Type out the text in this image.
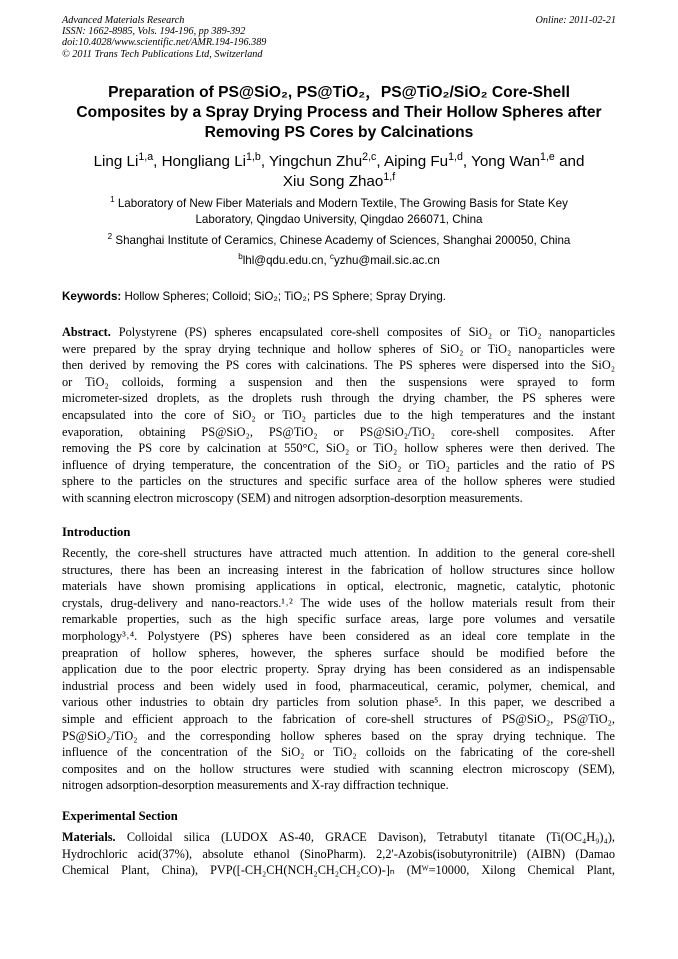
Advanced Materials Research
ISSN: 1662-8985, Vols. 194-196, pp 389-392
doi:10.4028/www.scientific.net/AMR.194-196.389
© 2011 Trans Tech Publications Ltd, Switzerland
Online: 2011-02-21
Preparation of PS@SiO₂, PS@TiO₂，PS@TiO₂/SiO₂ Core-Shell
Composites by a Spray Drying Process and Their Hollow Spheres after
Removing PS Cores by Calcinations
Ling Li$^{1,a}$, Hongliang Li$^{1,b}$, Yingchun Zhu$^{2,c}$, Aiping Fu$^{1,d}$, Yong Wan$^{1,e}$ and
Xiu Song Zhao$^{1,f}$
$^1$ Laboratory of New Fiber Materials and Modern Textile, The Growing Basis for State Key
Laboratory, Qingdao University, Qingdao 266071, China
$^2$ Shanghai Institute of Ceramics, Chinese Academy of Sciences, Shanghai 200050, China
$^b$lhl@qdu.edu.cn, $^c$yzhu@mail.sic.ac.cn
Keywords: Hollow Spheres; Colloid; SiO₂; TiO₂; PS Sphere; Spray Drying.
Abstract. Polystyrene (PS) spheres encapsulated core-shell composites of SiO₂ or TiO₂ nanoparticles
were prepared by the spray drying technique and hollow spheres of SiO₂ or TiO₂ nanoparticles were
then derived by removing the PS cores with calcinations. The PS spheres were dispersed into the SiO₂
or TiO₂ colloids, forming a suspension and then the suspensions were sprayed to form
micrometer-sized droplets, as the droplets rush through the drying chamber, the PS spheres were
encapsulated into the core of SiO₂ or TiO₂ particles due to the high temperatures and the instant
evaporation, obtaining PS@SiO₂, PS@TiO₂ or PS@SiO₂/TiO₂ core-shell composites. After
removing the PS core by calcination at 550°C, SiO₂ or TiO₂ hollow spheres were then derived. The
influence of drying temperature, the concentration of the SiO₂ or TiO₂ particles and the ratio of PS
sphere to the particles on the structures and specific surface area of the hollow spheres were studied
with scanning electron microscopy (SEM) and nitrogen adsorption-desorption measurements.
Introduction
Recently, the core-shell structures have attracted much attention. In addition to the general core-shell
structures, there has been an increasing interest in the fabrication of hollow structures since hollow
materials have shown promising applications in optical, electronic, magnetic, catalytic, photonic
crystals, drug-delivery and nano-reactors.¹˒² The wide uses of the hollow materials result from their
remarkable properties, such as the high specific surface areas, large pore volumes and versatile
morphology³˒⁴. Polystyere (PS) spheres have been considered as an ideal core template in the
preapration of hollow spheres, however, the spheres surface should be modified before the
application due to the poor electric property. Spray drying has been considered as an indispensable
industrial process and been widely used in food, pharmaceutical, ceramic, polymer, chemical, and
various other industries to obtain dry particles from solution phase⁵. In this paper, we described a
simple and efficient approach to the fabrication of core-shell structures of PS@SiO₂, PS@TiO₂,
PS@SiO₂/TiO₂ and the corresponding hollow spheres based on the spray drying technique. The
influence of the concentration of the SiO₂ or TiO₂ colloids on the fabricating of the core-shell
composites and on the hollow structures were studied with scanning electron microscopy (SEM),
nitrogen adsorption-desorption measurements and X-ray diffraction technique.
Experimental Section
Materials. Colloidal silica (LUDOX AS-40, GRACE Davison), Tetrabutyl titanate (Ti(OC₄H₉)₄),
Hydrochloric acid(37%), absolute ethanol (SinoPharm). 2,2'-Azobis(isobutyronitrile) (AIBN) (Damao
Chemical Plant, China), PVP([-CH₂CH(NCH₂CH₂CH₂CO)-]ₙ (Mᵂ=10000, Xilong Chemical Plant,
